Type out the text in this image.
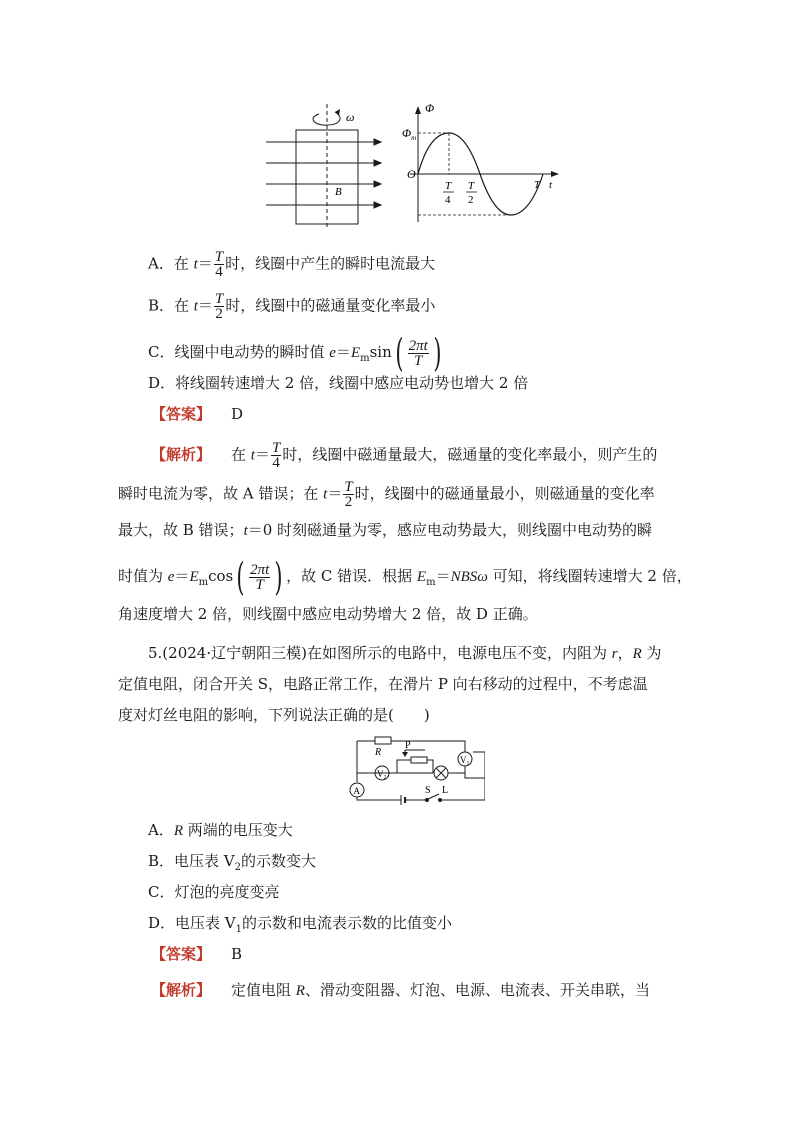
ω
B
Φ
$\Phi_m$
O
T
4
T
2
T t
A．在 $t= \frac{T}{4}$ 时，线圈中产生的瞬时电流最大
B．在 $t= \frac{T}{2}$ 时，线圈中的磁通量变化率最小
C．线圈中电动势的瞬时值 $e=E_m\sin( \frac{2\pi t}{T}$ )
D．将线圈转速增大 2 倍，线圈中感应电动势也增大 2 倍
【答案】 D
【解析】 在 $t= \frac{T}{4}$ 时，线圈中磁通量最大，磁通量的变化率最小，则产生的
瞬时电流为零，故 A 错误；在 $t= \frac{T}{2}$ 时，线圈中的磁通量最小，则磁通量的变化率
最大，故 B 错误；t＝0 时刻磁通量为零，感应电动势最大，则线圈中电动势的瞬
时值为 $e=E_m\cos( \frac{2\pi t}{T}$ ) ，故 C 错误．根据 $E_m=NBS\omega$ 可知，将线圈转速增大 2 倍，
角速度增大 2 倍，则线圈中感应电动势增大 2 倍，故 D 正确。
5.(2024·辽宁朝阳三模)在如图所示的电路中，电源电压不变，内阻为 r，R 为
定值电阻，闭合开关 S，电路正常工作，在滑片 P 向右移动的过程中，不考虑温
度对灯丝电阻的影响，下列说法正确的是(　　)
R
P
A
$V_2$
$V_1$
S L
A．R 两端的电压变大
B．电压表 $V_2$的示数变大
C．灯泡的亮度变亮
D．电压表 $V_1$的示数和电流表示数的比值变小
【答案】 B
【解析】 定值电阻 R、滑动变阻器、灯泡、电源、电流表、开关串联，当
